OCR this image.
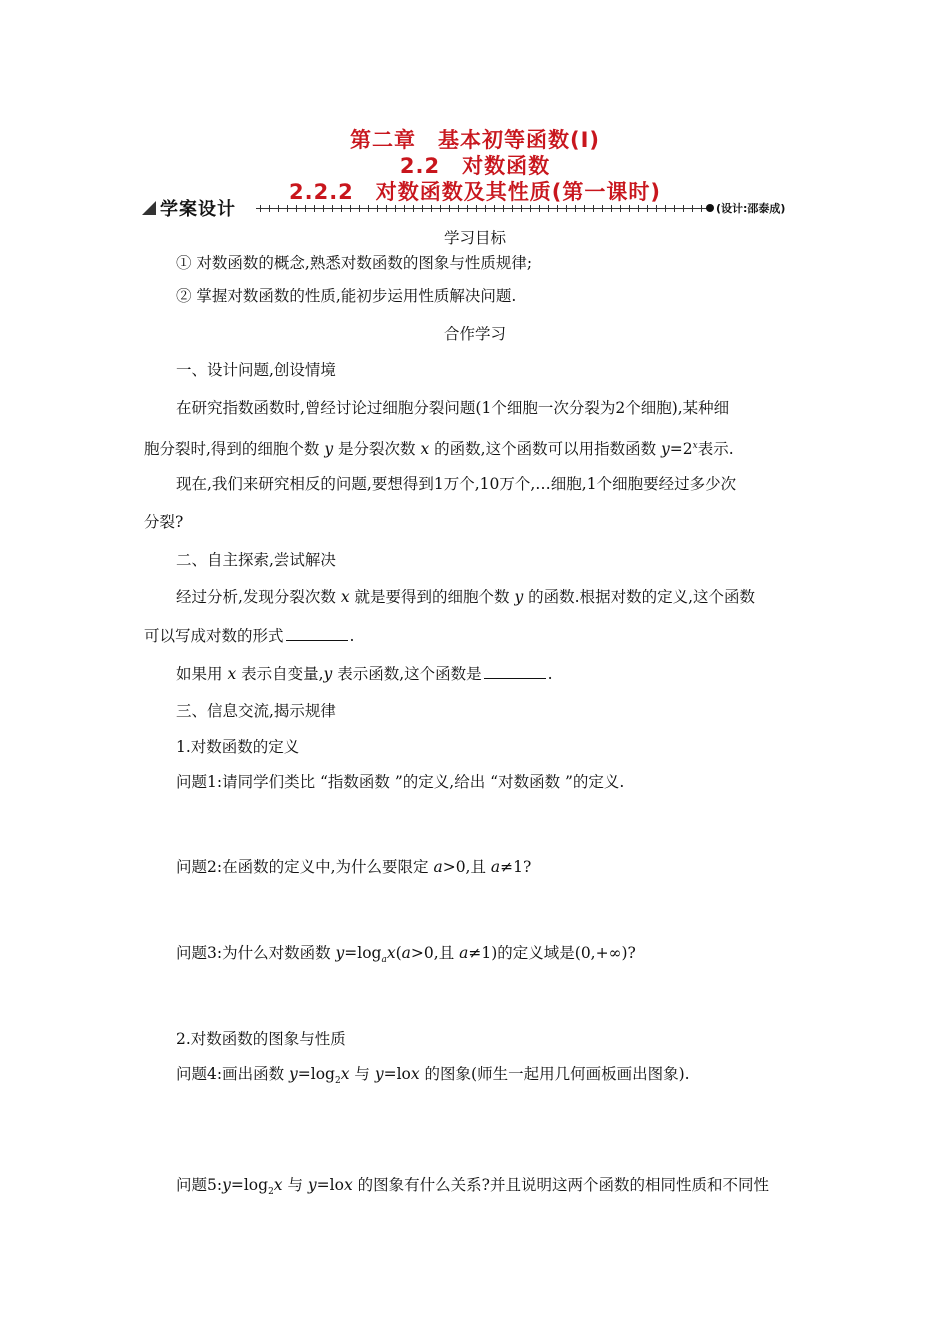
第二章　基本初等函数(Ⅰ)
2.2　对数函数
2.2.2　对数函数及其性质(第一课时)
学案设计	(设计:邵泰成)
学习目标
① 对数函数的概念,熟悉对数函数的图象与性质规律;
② 掌握对数函数的性质,能初步运用性质解决问题.
合作学习
一、设计问题,创设情境
在研究指数函数时,曾经讨论过细胞分裂问题(1个细胞一次分裂为2个细胞),某种细
胞分裂时,得到的细胞个数 y 是分裂次数 x 的函数,这个函数可以用指数函数 $y=2^x$表示.
现在,我们来研究相反的问题,要想得到1万个,10万个,…细胞,1个细胞要经过多少次
分裂?
二、自主探索,尝试解决
经过分析,发现分裂次数 x 就是要得到的细胞个数 y 的函数.根据对数的定义,这个函数
可以写成对数的形式	.
如果用 x 表示自变量,y 表示函数,这个函数是	.
三、信息交流,揭示规律
1.对数函数的定义
问题1:请同学们类比 “指数函数 ”的定义,给出 “对数函数 ”的定义.
问题2:在函数的定义中,为什么要限定 a>0,且 a≠1?
问题3:为什么对数函数 $y=\log_ax(a>0$,且 a≠1)的定义域是(0,+∞)?
2.对数函数的图象与性质
问题4:画出函数 $y=\log_2x$ 与 y=lox 的图象(师生一起用几何画板画出图象).
问题$5:y=\log_2x$ 与 y=lox 的图象有什么关系?并且说明这两个函数的相同性质和不同性
